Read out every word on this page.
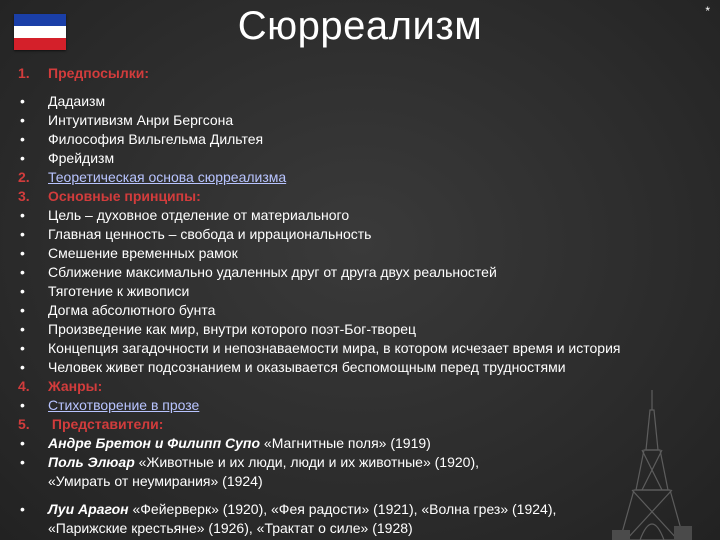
Сюрреализм	*
1.	Предпосылки:
•	Дадаизм
•	Интуитивизм Анри Бергсона
•	Философия Вильгельма Дильтея
•	Фрейдизм
2.	Теоретическая основа сюрреализма
3.	Основные принципы:
•	Цель – духовное отделение от материального
•	Главная ценность – свобода и иррациональность
•	Смешение временных рамок
•	Сближение максимально удаленных друг от друга двух реальностей
•	Тяготение к живописи
•	Догма абсолютного бунта
•	Произведение как мир, внутри которого поэт-Бог-творец
•	Концепция загадочности и непознаваемости мира, в котором исчезает время и история
•	Человек живет подсознанием и оказывается беспомощным перед трудностями
4.	Жанры:
•	Стихотворение в прозе
5.	Представители:
•	Андре Бретон и Филипп Супо «Магнитные поля» (1919)
•	Поль Элюар «Животные и их люди, люди и их животные» (1920), «Умирать от неумирания» (1924)
•	Луи Арагон «Фейерверк» (1920), «Фея радости» (1921), «Волна грез» (1924), «Парижские крестьяне» (1926), «Трактат о силе» (1928)
